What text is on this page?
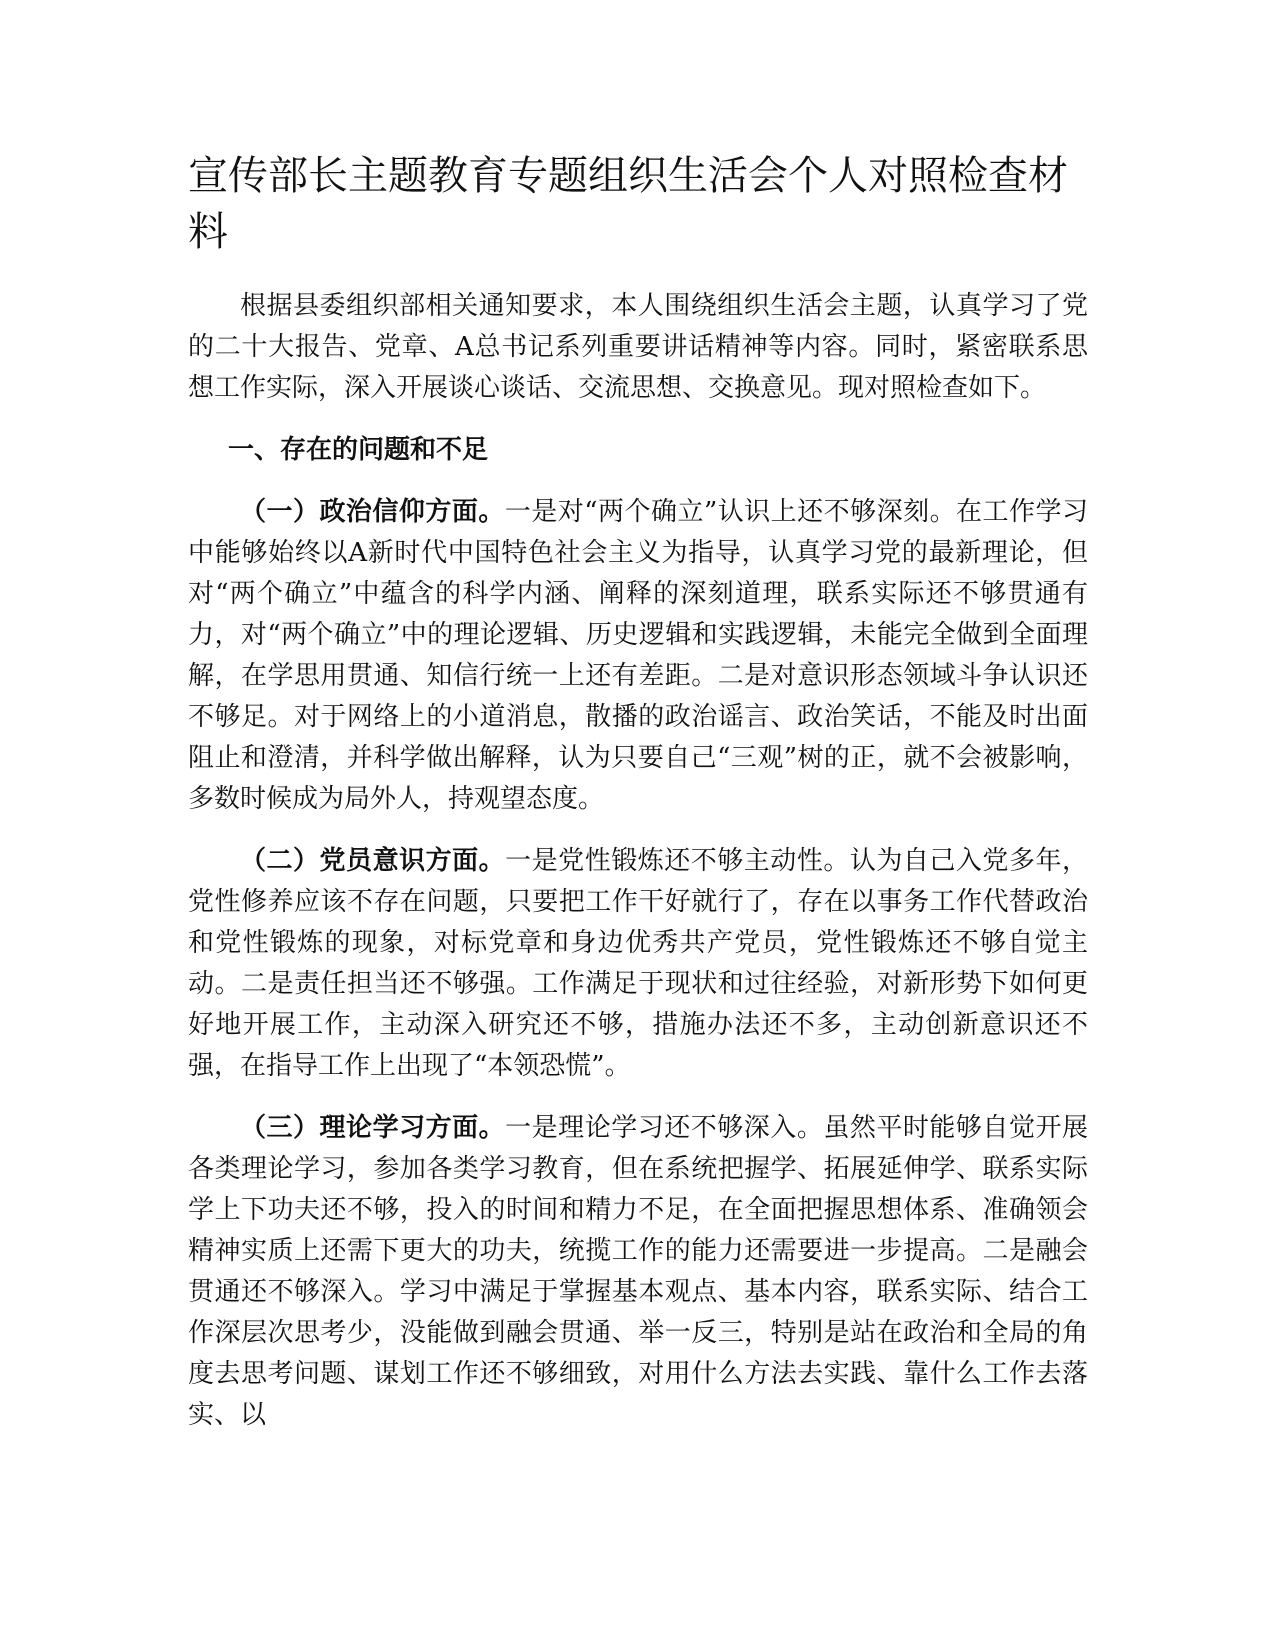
宣传部长主题教育专题组织生活会个人对照检查材料

根据县委组织部相关通知要求，本人围绕组织生活会主题，认真学习了党的二十大报告、党章、A总书记系列重要讲话精神等内容。同时，紧密联系思想工作实际，深入开展谈心谈话、交流思想、交换意见。现对照检查如下。

一、存在的问题和不足

（一）政治信仰方面。一是对“两个确立”认识上还不够深刻。在工作学习中能够始终以A新时代中国特色社会主义为指导，认真学习党的最新理论，但对“两个确立”中蕴含的科学内涵、阐释的深刻道理，联系实际还不够贯通有力，对“两个确立”中的理论逻辑、历史逻辑和实践逻辑，未能完全做到全面理解，在学思用贯通、知信行统一上还有差距。二是对意识形态领域斗争认识还不够足。对于网络上的小道消息，散播的政治谣言、政治笑话，不能及时出面阻止和澄清，并科学做出解释，认为只要自己“三观”树的正，就不会被影响，多数时候成为局外人，持观望态度。

（二）党员意识方面。一是党性锻炼还不够主动性。认为自己入党多年，党性修养应该不存在问题，只要把工作干好就行了，存在以事务工作代替政治和党性锻炼的现象，对标党章和身边优秀共产党员，党性锻炼还不够自觉主动。二是责任担当还不够强。工作满足于现状和过往经验，对新形势下如何更好地开展工作，主动深入研究还不够，措施办法还不多，主动创新意识还不强，在指导工作上出现了“本领恐慌”。

（三）理论学习方面。一是理论学习还不够深入。虽然平时能够自觉开展各类理论学习，参加各类学习教育，但在系统把握学、拓展延伸学、联系实际学上下功夫还不够，投入的时间和精力不足，在全面把握思想体系、准确领会精神实质上还需下更大的功夫，统揽工作的能力还需要进一步提高。二是融会贯通还不够深入。学习中满足于掌握基本观点、基本内容，联系实际、结合工作深层次思考少，没能做到融会贯通、举一反三，特别是站在政治和全局的角度去思考问题、谋划工作还不够细致，对用什么方法去实践、靠什么工作去落实、以
